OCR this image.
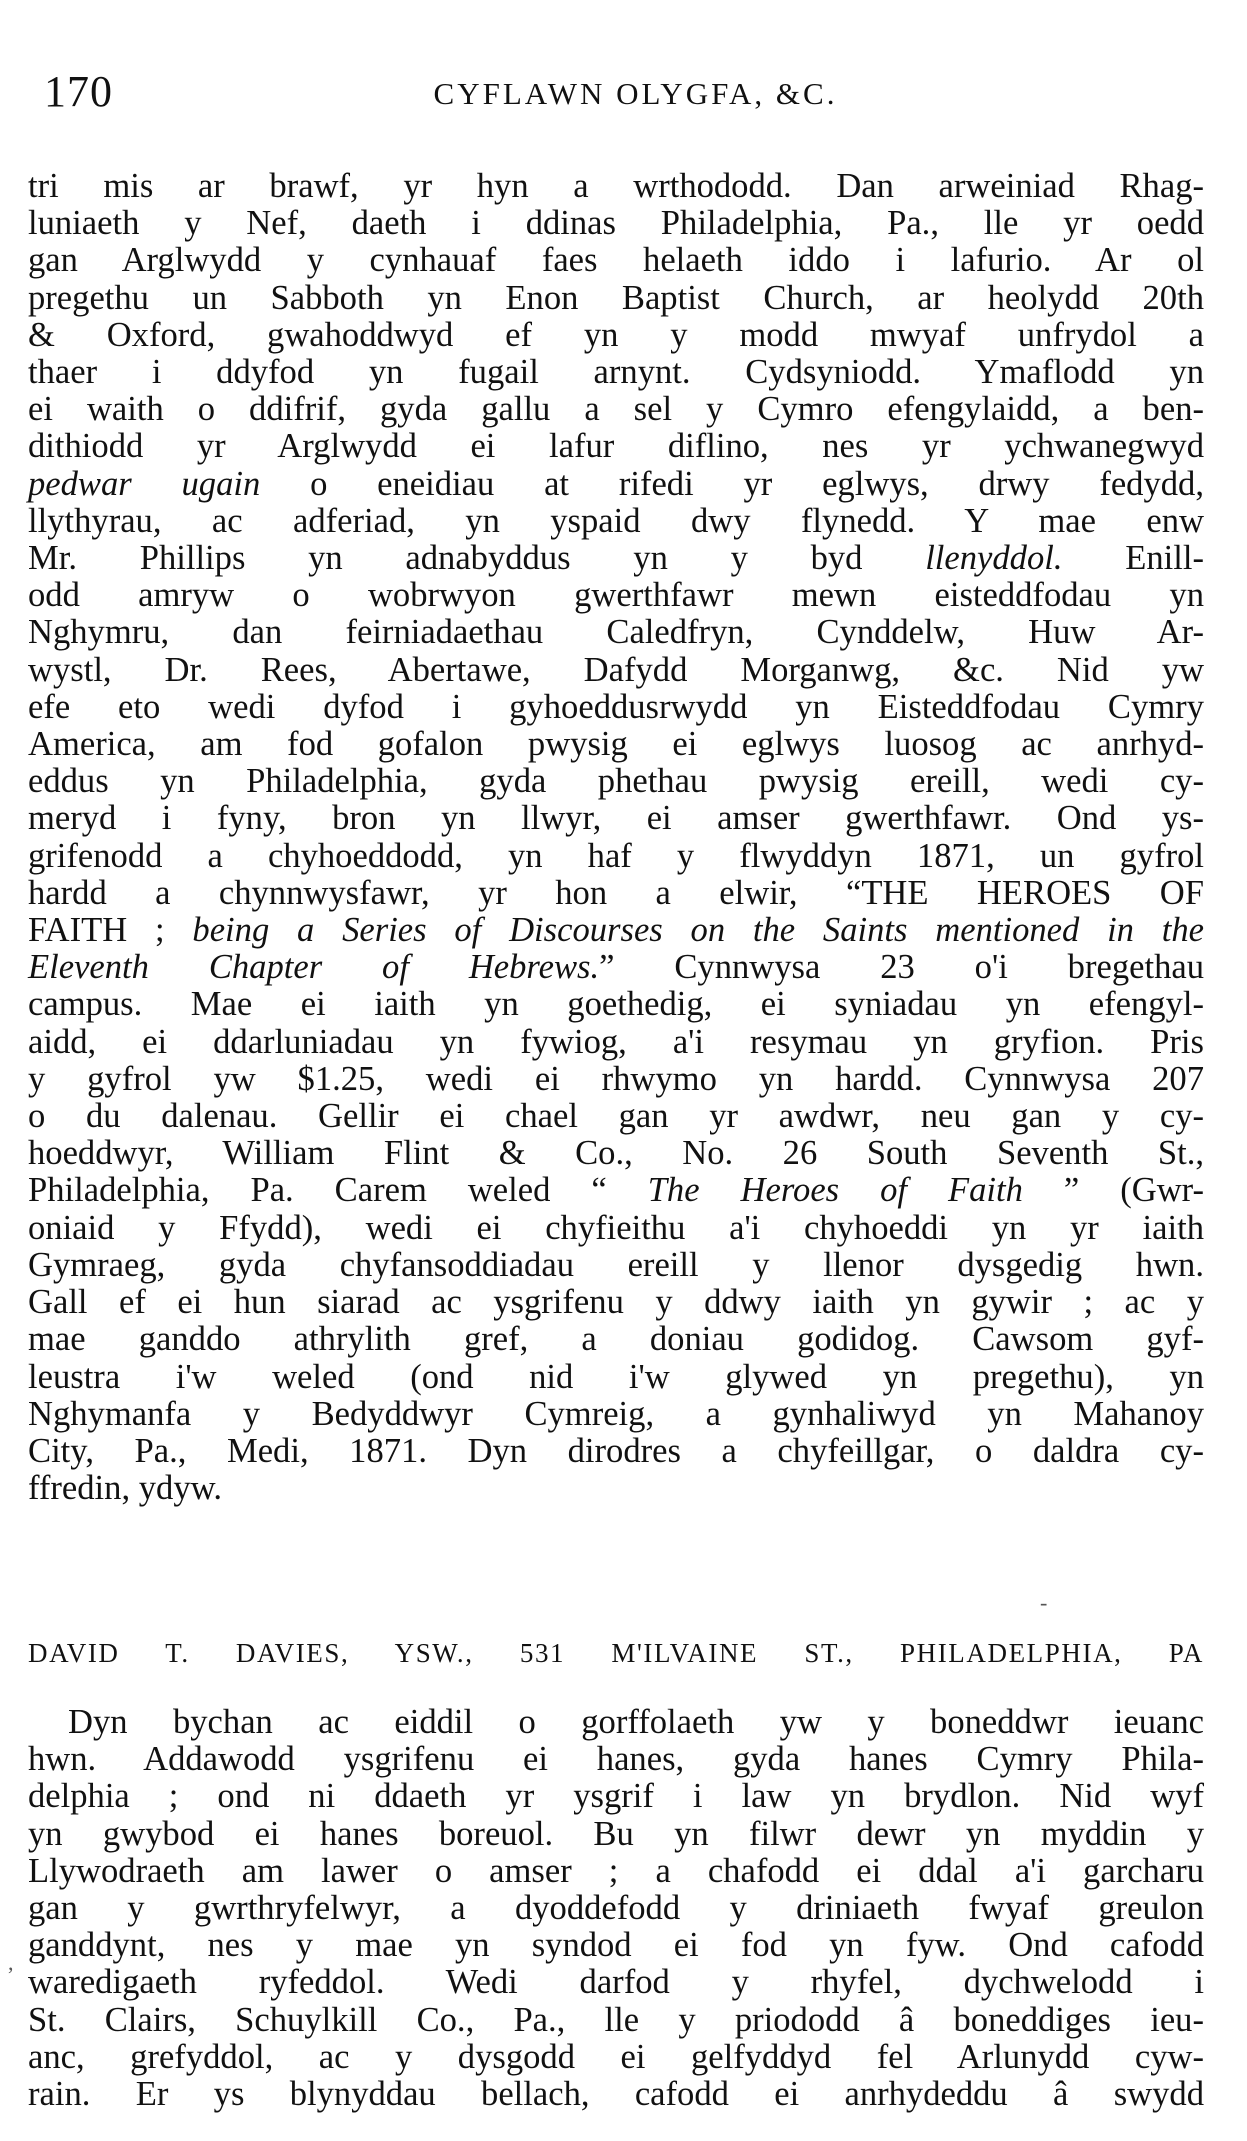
170	CYFLAWN OLYGFA, &C.
tri mis ar brawf, yr hyn a wrthododd. Dan arweiniad Rhag-
luniaeth y Nef, daeth i ddinas Philadelphia, Pa., lle yr oedd
gan Arglwydd y cynhauaf faes helaeth iddo i lafurio. Ar ol
pregethu un Sabboth yn Enon Baptist Church, ar heolydd 20th
& Oxford, gwahoddwyd ef yn y modd mwyaf unfrydol a
thaer i ddyfod yn fugail arnynt. Cydsyniodd. Ymaflodd yn
ei waith o ddifrif, gyda gallu a sel y Cymro efengylaidd, a ben-
dithiodd yr Arglwydd ei lafur diflino, nes yr ychwanegwyd
pedwar ugain o eneidiau at rifedi yr eglwys, drwy fedydd,
llythyrau, ac adferiad, yn yspaid dwy flynedd. Y mae enw
Mr. Phillips yn adnabyddus yn y byd llenyddol. Enill-
odd amryw o wobrwyon gwerthfawr mewn eisteddfodau yn
Nghymru, dan feirniadaethau Caledfryn, Cynddelw, Huw Ar-
wystl, Dr. Rees, Abertawe, Dafydd Morganwg, &c. Nid yw
efe eto wedi dyfod i gyhoeddusrwydd yn Eisteddfodau Cymry
America, am fod gofalon pwysig ei eglwys luosog ac anrhyd-
eddus yn Philadelphia, gyda phethau pwysig ereill, wedi cy-
meryd i fyny, bron yn llwyr, ei amser gwerthfawr. Ond ys-
grifenodd a chyhoeddodd, yn haf y flwyddyn 1871, un gyfrol
hardd a chynnwysfawr, yr hon a elwir, “THE HEROES OF
FAITH ; being a Series of Discourses on the Saints mentioned in the
Eleventh Chapter of Hebrews.” Cynnwysa 23 o'i bregethau
campus. Mae ei iaith yn goethedig, ei syniadau yn efengyl-
aidd, ei ddarluniadau yn fywiog, a'i resymau yn gryfion. Pris
y gyfrol yw $1.25, wedi ei rhwymo yn hardd. Cynnwysa 207
o du dalenau. Gellir ei chael gan yr awdwr, neu gan y cy-
hoeddwyr, William Flint & Co., No. 26 South Seventh St.,
Philadelphia, Pa. Carem weled “ The Heroes of Faith ” (Gwr-
oniaid y Ffydd), wedi ei chyfieithu a'i chyhoeddi yn yr iaith
Gymraeg, gyda chyfansoddiadau ereill y llenor dysgedig hwn.
Gall ef ei hun siarad ac ysgrifenu y ddwy iaith yn gywir ; ac y
mae ganddo athrylith gref, a doniau godidog. Cawsom gyf-
leustra i'w weled (ond nid i'w glywed yn pregethu), yn
Nghymanfa y Bedyddwyr Cymreig, a gynhaliwyd yn Mahanoy
City, Pa., Medi, 1871. Dyn dirodres a chyfeillgar, o daldra cy-
ffredin, ydyw.
DAVID T. DAVIES, YSW., 531 M'ILVAINE ST., PHILADELPHIA, PA
Dyn bychan ac eiddil o gorffolaeth yw y boneddwr ieuanc
hwn. Addawodd ysgrifenu ei hanes, gyda hanes Cymry Phila-
delphia ; ond ni ddaeth yr ysgrif i law yn brydlon. Nid wyf
yn gwybod ei hanes boreuol. Bu yn filwr dewr yn myddin y
Llywodraeth am lawer o amser ; a chafodd ei ddal a'i garcharu
gan y gwrthryfelwyr, a dyoddefodd y driniaeth fwyaf greulon
ganddynt, nes y mae yn syndod ei fod yn fyw. Ond cafodd
waredigaeth ryfeddol. Wedi darfod y rhyfel, dychwelodd i
St. Clairs, Schuylkill Co., Pa., lle y priododd â boneddiges ieu-
anc, grefyddol, ac y dysgodd ei gelfyddyd fel Arlunydd cyw-
rain. Er ys blynyddau bellach, cafodd ei anrhydeddu â swydd
‐
,
